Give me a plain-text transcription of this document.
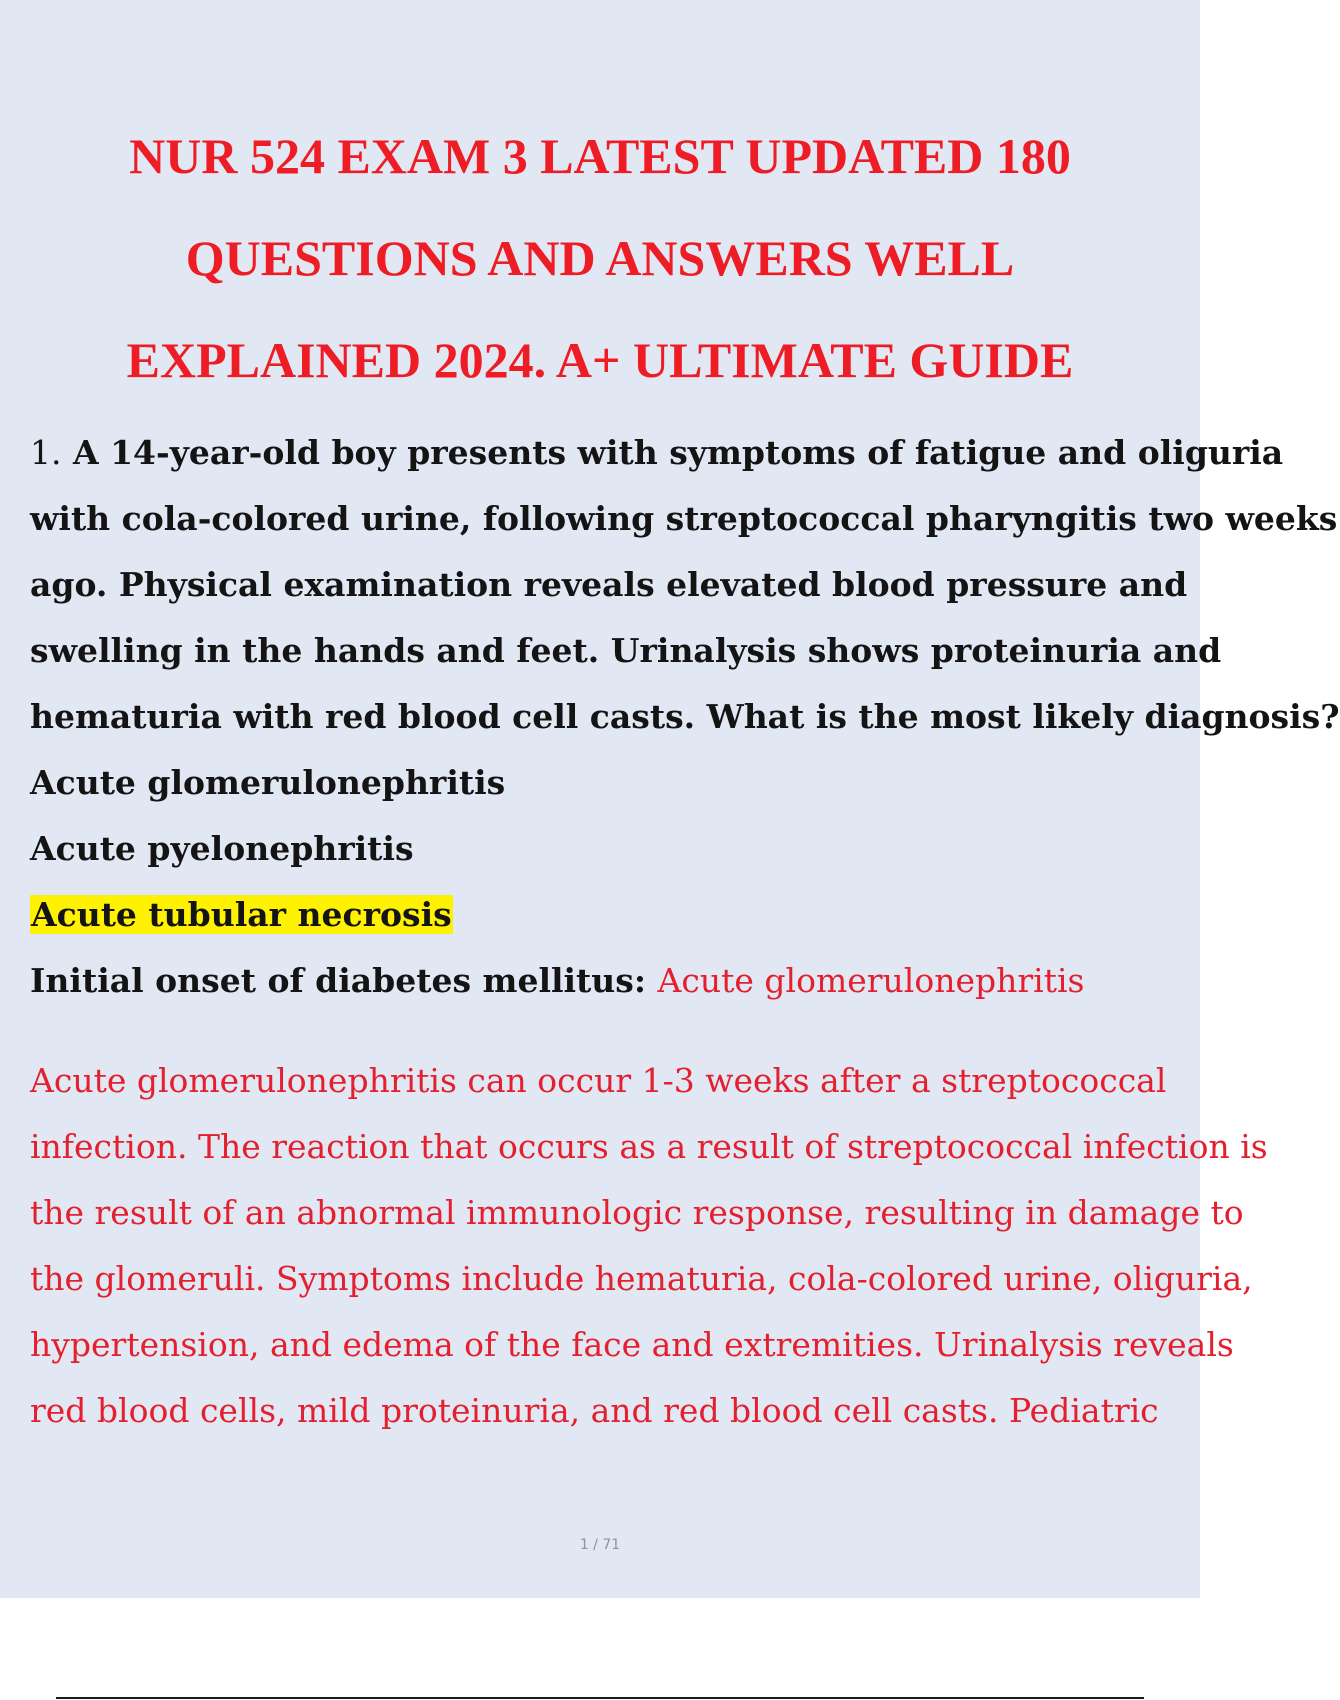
NUR 524 EXAM 3 LATEST UPDATED 180
QUESTIONS AND ANSWERS WELL
EXPLAINED 2024. A+ ULTIMATE GUIDE

1. A 14-year-old boy presents with symptoms of fatigue and oliguria
with cola-colored urine, following streptococcal pharyngitis two weeks
ago. Physical examination reveals elevated blood pressure and
swelling in the hands and feet. Urinalysis shows proteinuria and
hematuria with red blood cell casts. What is the most likely diagnosis?

Acute glomerulonephritis

Acute pyelonephritis

Acute tubular necrosis

Initial onset of diabetes mellitus: Acute glomerulonephritis

Acute glomerulonephritis can occur 1-3 weeks after a streptococcal
infection. The reaction that occurs as a result of streptococcal infection is
the result of an abnormal immunologic response, resulting in damage to
the glomeruli. Symptoms include hematuria, cola-colored urine, oliguria,
hypertension, and edema of the face and extremities. Urinalysis reveals
red blood cells, mild proteinuria, and red blood cell casts. Pediatric

1 / 71
